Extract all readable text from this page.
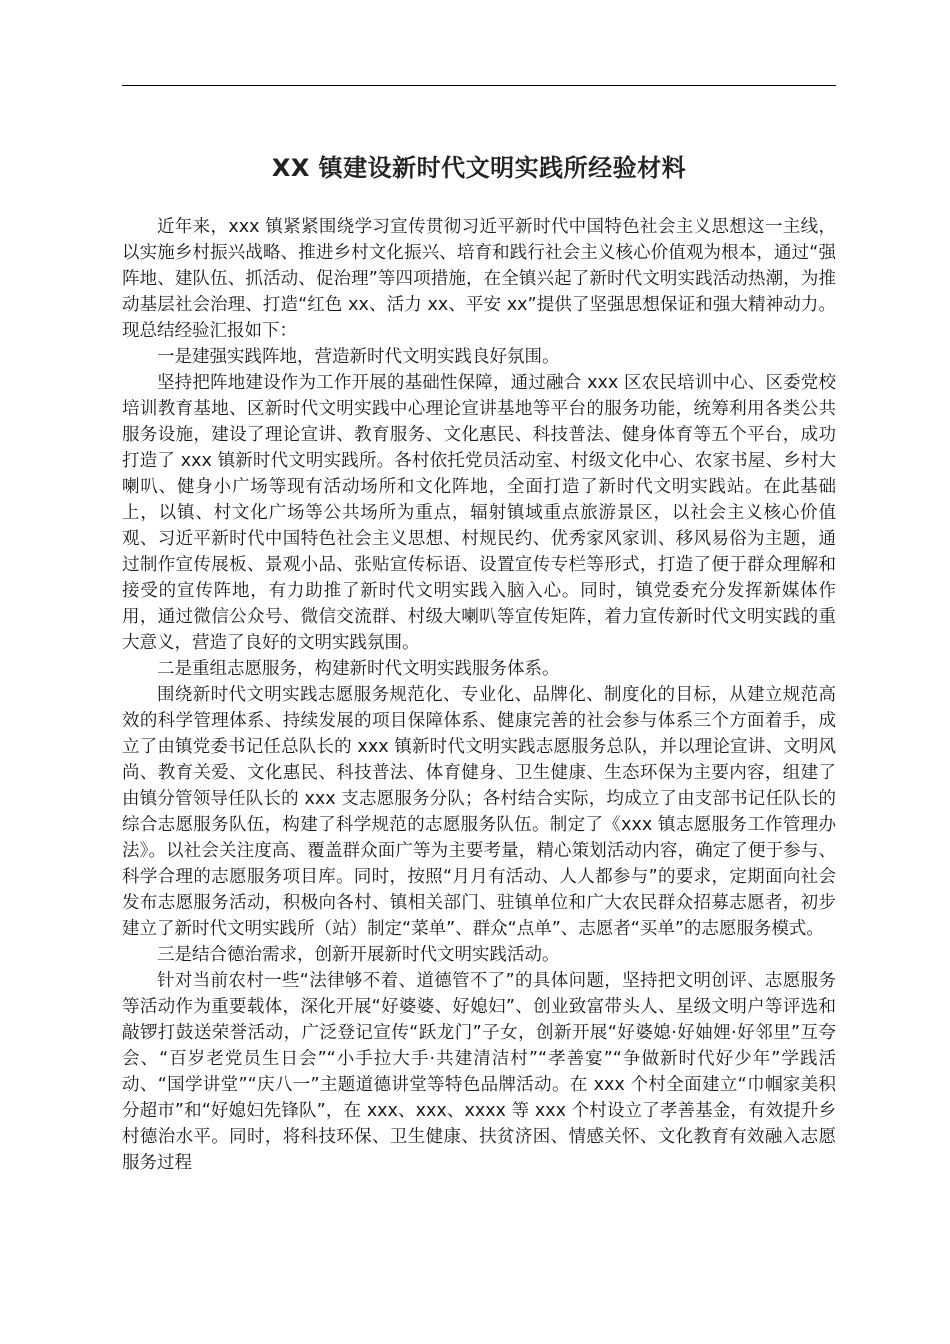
XX 镇建设新时代文明实践所经验材料

近年来，xxx 镇紧紧围绕学习宣传贯彻习近平新时代中国特色社会主义思想这一主线，以实施乡村振兴战略、推进乡村文化振兴、培育和践行社会主义核心价值观为根本，通过“强阵地、建队伍、抓活动、促治理”等四项措施，在全镇兴起了新时代文明实践活动热潮，为推动基层社会治理、打造“红色 xx、活力 xx、平安 xx”提供了坚强思想保证和强大精神动力。现总结经验汇报如下：

一是建强实践阵地，营造新时代文明实践良好氛围。

坚持把阵地建设作为工作开展的基础性保障，通过融合 xxx 区农民培训中心、区委党校培训教育基地、区新时代文明实践中心理论宣讲基地等平台的服务功能，统筹利用各类公共服务设施，建设了理论宣讲、教育服务、文化惠民、科技普法、健身体育等五个平台，成功打造了 xxx 镇新时代文明实践所。各村依托党员活动室、村级文化中心、农家书屋、乡村大喇叭、健身小广场等现有活动场所和文化阵地，全面打造了新时代文明实践站。在此基础上，以镇、村文化广场等公共场所为重点，辐射镇域重点旅游景区，以社会主义核心价值观、习近平新时代中国特色社会主义思想、村规民约、优秀家风家训、移风易俗为主题，通过制作宣传展板、景观小品、张贴宣传标语、设置宣传专栏等形式，打造了便于群众理解和接受的宣传阵地，有力助推了新时代文明实践入脑入心。同时，镇党委充分发挥新媒体作用，通过微信公众号、微信交流群、村级大喇叭等宣传矩阵，着力宣传新时代文明实践的重大意义，营造了良好的文明实践氛围。

二是重组志愿服务，构建新时代文明实践服务体系。

围绕新时代文明实践志愿服务规范化、专业化、品牌化、制度化的目标，从建立规范高效的科学管理体系、持续发展的项目保障体系、健康完善的社会参与体系三个方面着手，成立了由镇党委书记任总队长的 xxx 镇新时代文明实践志愿服务总队，并以理论宣讲、文明风尚、教育关爱、文化惠民、科技普法、体育健身、卫生健康、生态环保为主要内容，组建了由镇分管领导任队长的 xxx 支志愿服务分队；各村结合实际，均成立了由支部书记任队长的综合志愿服务队伍，构建了科学规范的志愿服务队伍。制定了《xxx 镇志愿服务工作管理办法》。以社会关注度高、覆盖群众面广等为主要考量，精心策划活动内容，确定了便于参与、科学合理的志愿服务项目库。同时，按照“月月有活动、人人都参与”的要求，定期面向社会发布志愿服务活动，积极向各村、镇相关部门、驻镇单位和广大农民群众招募志愿者，初步建立了新时代文明实践所（站）制定“菜单”、群众“点单”、志愿者“买单”的志愿服务模式。

三是结合德治需求，创新开展新时代文明实践活动。

针对当前农村一些“法律够不着、道德管不了”的具体问题，坚持把文明创评、志愿服务等活动作为重要载体，深化开展“好婆婆、好媳妇”、创业致富带头人、星级文明户等评选和敲锣打鼓送荣誉活动，广泛登记宣传“跃龙门”子女，创新开展“好婆媳·好妯娌·好邻里”互夸会、“百岁老党员生日会”“小手拉大手·共建清洁村”“孝善宴”“争做新时代好少年”学践活动、“国学讲堂”“庆八一”主题道德讲堂等特色品牌活动。在 xxx 个村全面建立“巾帼家美积分超市”和“好媳妇先锋队”，在 xxx、xxx、xxxx 等 xxx 个村设立了孝善基金，有效提升乡村德治水平。同时，将科技环保、卫生健康、扶贫济困、情感关怀、文化教育有效融入志愿服务过程
